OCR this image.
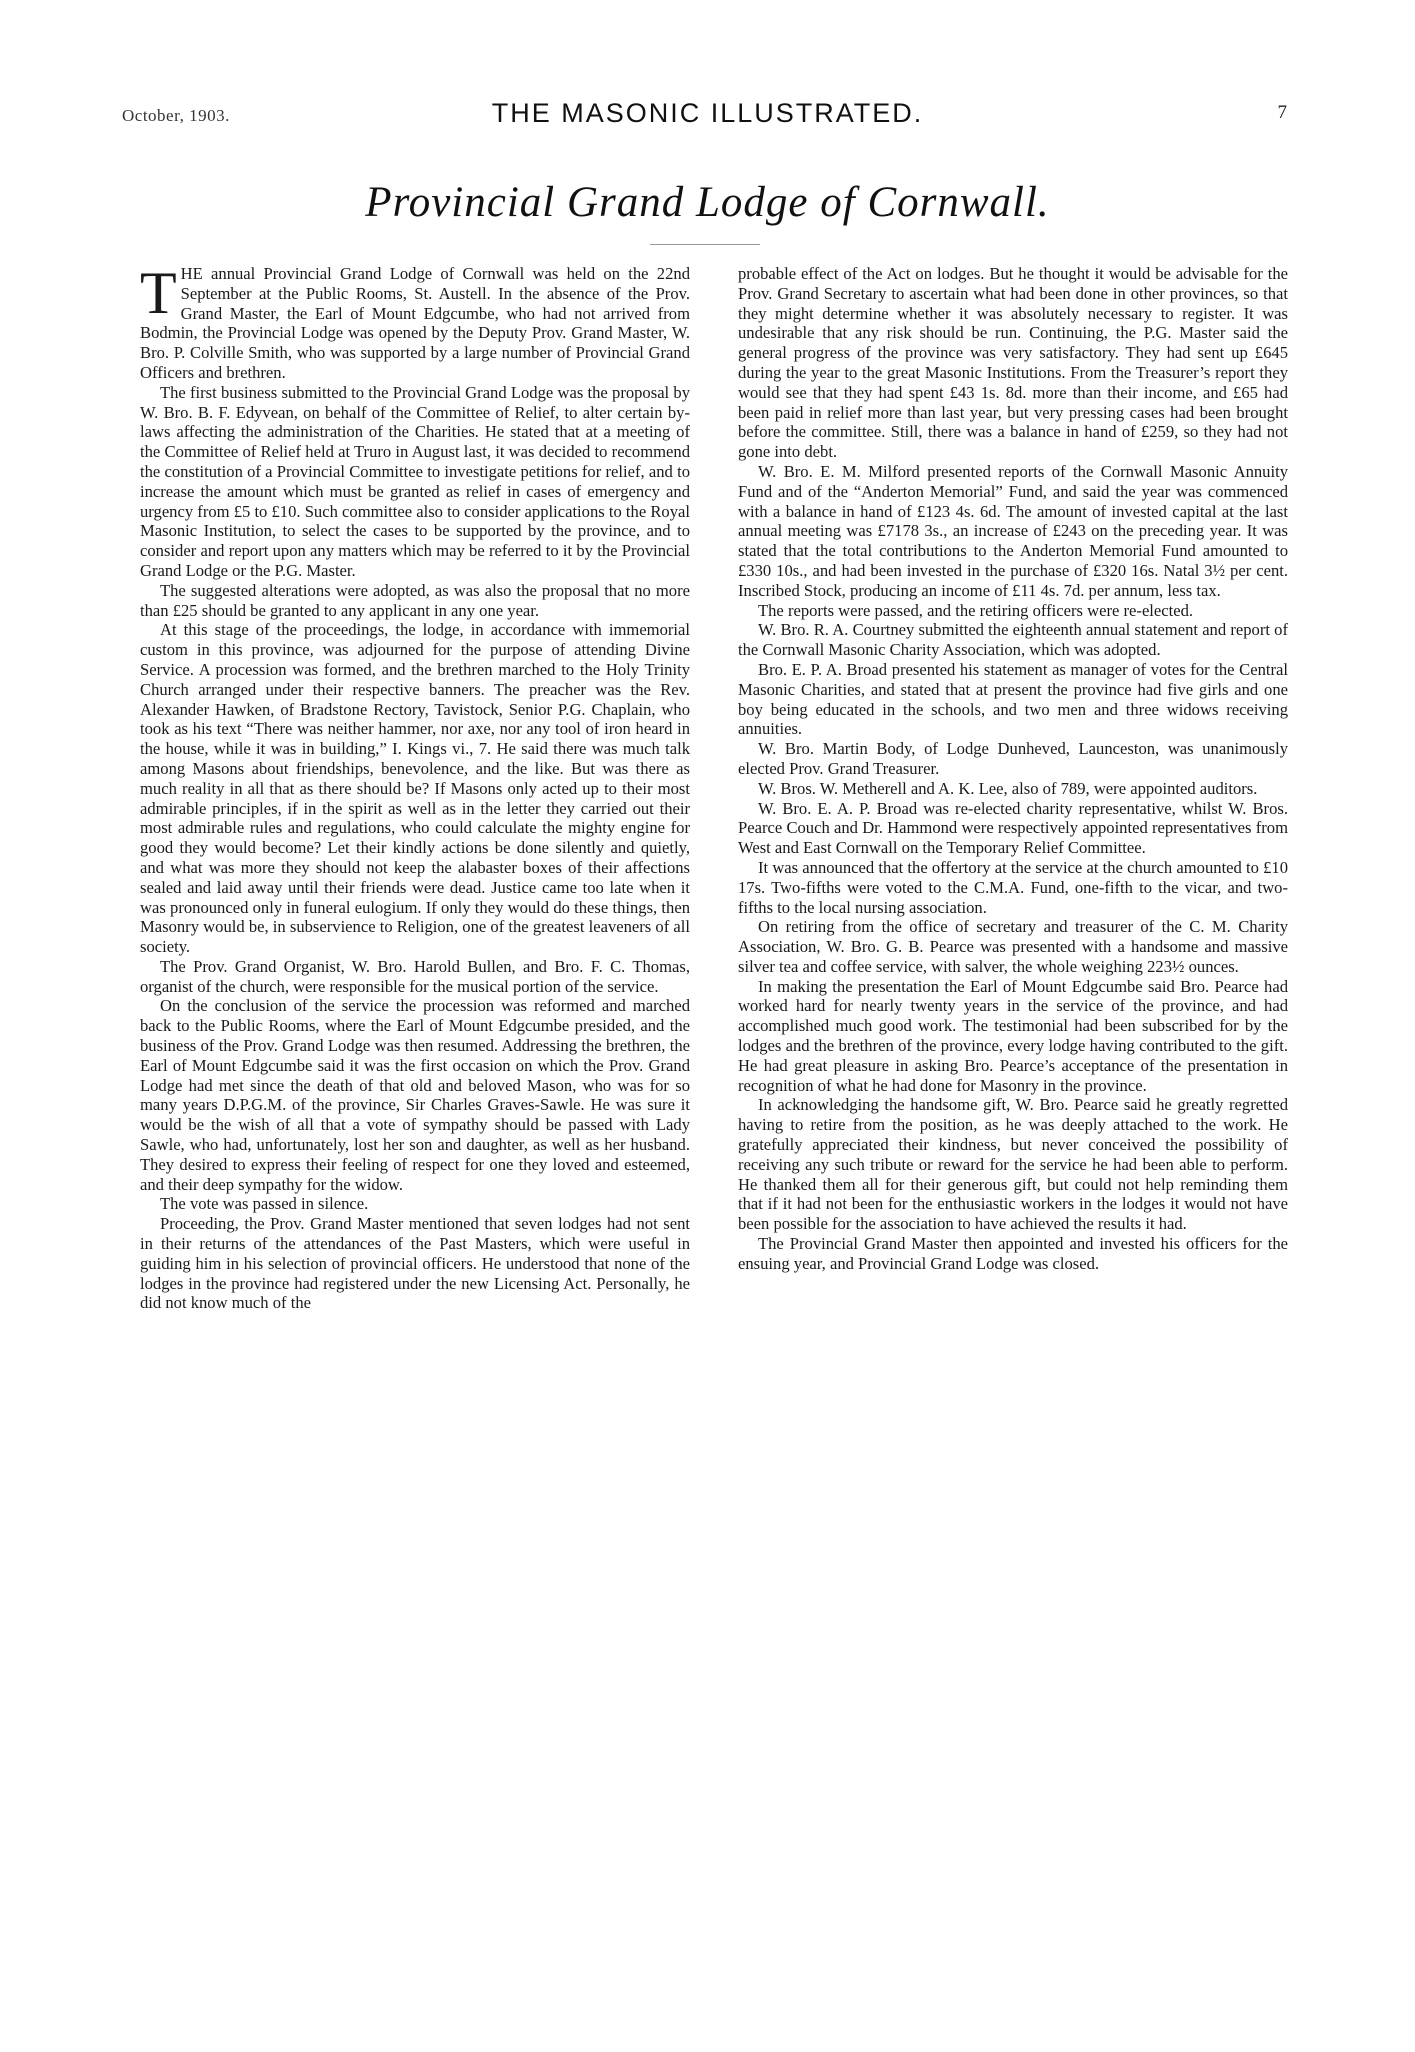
October, 1903.	THE MASONIC ILLUSTRATED.	7
Provincial Grand Lodge of Cornwall.

THE annual Provincial Grand Lodge of Cornwall was held on the 22nd September at the Public Rooms, St. Austell. In the absence of the Prov. Grand Master, the Earl of Mount Edgcumbe, who had not arrived from Bodmin, the Provincial Lodge was opened by the Deputy Prov. Grand Master, W. Bro. P. Colville Smith, who was supported by a large number of Provincial Grand Officers and brethren.

The first business submitted to the Provincial Grand Lodge was the proposal by W. Bro. B. F. Edyvean, on behalf of the Committee of Relief, to alter certain by-laws affecting the administration of the Charities. He stated that at a meeting of the Committee of Relief held at Truro in August last, it was decided to recommend the constitution of a Provincial Committee to investigate petitions for relief, and to increase the amount which must be granted as relief in cases of emergency and urgency from £5 to £10. Such committee also to consider applications to the Royal Masonic Institution, to select the cases to be supported by the province, and to consider and report upon any matters which may be referred to it by the Provincial Grand Lodge or the P.G. Master.

The suggested alterations were adopted, as was also the proposal that no more than £25 should be granted to any applicant in any one year.

At this stage of the proceedings, the lodge, in accordance with immemorial custom in this province, was adjourned for the purpose of attending Divine Service. A procession was formed, and the brethren marched to the Holy Trinity Church arranged under their respective banners. The preacher was the Rev. Alexander Hawken, of Bradstone Rectory, Tavistock, Senior P.G. Chaplain, who took as his text “There was neither hammer, nor axe, nor any tool of iron heard in the house, while it was in building,” I. Kings vi., 7. He said there was much talk among Masons about friendships, benevolence, and the like. But was there as much reality in all that as there should be? If Masons only acted up to their most admirable principles, if in the spirit as well as in the letter they carried out their most admirable rules and regulations, who could calculate the mighty engine for good they would become? Let their kindly actions be done silently and quietly, and what was more they should not keep the alabaster boxes of their affections sealed and laid away until their friends were dead. Justice came too late when it was pronounced only in funeral eulogium. If only they would do these things, then Masonry would be, in subservience to Religion, one of the greatest leaveners of all society.

The Prov. Grand Organist, W. Bro. Harold Bullen, and Bro. F. C. Thomas, organist of the church, were responsible for the musical portion of the service.

On the conclusion of the service the procession was reformed and marched back to the Public Rooms, where the Earl of Mount Edgcumbe presided, and the business of the Prov. Grand Lodge was then resumed. Addressing the brethren, the Earl of Mount Edgcumbe said it was the first occasion on which the Prov. Grand Lodge had met since the death of that old and beloved Mason, who was for so many years D.P.G.M. of the province, Sir Charles Graves-Sawle. He was sure it would be the wish of all that a vote of sympathy should be passed with Lady Sawle, who had, unfortunately, lost her son and daughter, as well as her husband. They desired to express their feeling of respect for one they loved and esteemed, and their deep sympathy for the widow.

The vote was passed in silence.

Proceeding, the Prov. Grand Master mentioned that seven lodges had not sent in their returns of the attendances of the Past Masters, which were useful in guiding him in his selection of provincial officers. He understood that none of the lodges in the province had registered under the new Licensing Act. Personally, he did not know much of the

probable effect of the Act on lodges. But he thought it would be advisable for the Prov. Grand Secretary to ascertain what had been done in other provinces, so that they might determine whether it was absolutely necessary to register. It was undesirable that any risk should be run. Continuing, the P.G. Master said the general progress of the province was very satisfactory. They had sent up £645 during the year to the great Masonic Institutions. From the Treasurer’s report they would see that they had spent £43 1s. 8d. more than their income, and £65 had been paid in relief more than last year, but very pressing cases had been brought before the committee. Still, there was a balance in hand of £259, so they had not gone into debt.

W. Bro. E. M. Milford presented reports of the Cornwall Masonic Annuity Fund and of the “Anderton Memorial” Fund, and said the year was commenced with a balance in hand of £123 4s. 6d. The amount of invested capital at the last annual meeting was £7178 3s., an increase of £243 on the preceding year. It was stated that the total contributions to the Anderton Memorial Fund amounted to £330 10s., and had been invested in the purchase of £320 16s. Natal 3½ per cent. Inscribed Stock, producing an income of £11 4s. 7d. per annum, less tax.

The reports were passed, and the retiring officers were re-elected.

W. Bro. R. A. Courtney submitted the eighteenth annual statement and report of the Cornwall Masonic Charity Association, which was adopted.

Bro. E. P. A. Broad presented his statement as manager of votes for the Central Masonic Charities, and stated that at present the province had five girls and one boy being educated in the schools, and two men and three widows receiving annuities.

W. Bro. Martin Body, of Lodge Dunheved, Launceston, was unanimously elected Prov. Grand Treasurer.

W. Bros. W. Metherell and A. K. Lee, also of 789, were appointed auditors.

W. Bro. E. A. P. Broad was re-elected charity representative, whilst W. Bros. Pearce Couch and Dr. Hammond were respectively appointed representatives from West and East Cornwall on the Temporary Relief Committee.

It was announced that the offertory at the service at the church amounted to £10 17s. Two-fifths were voted to the C.M.A. Fund, one-fifth to the vicar, and two-fifths to the local nursing association.

On retiring from the office of secretary and treasurer of the C. M. Charity Association, W. Bro. G. B. Pearce was presented with a handsome and massive silver tea and coffee service, with salver, the whole weighing 223½ ounces.

In making the presentation the Earl of Mount Edgcumbe said Bro. Pearce had worked hard for nearly twenty years in the service of the province, and had accomplished much good work. The testimonial had been subscribed for by the lodges and the brethren of the province, every lodge having contributed to the gift. He had great pleasure in asking Bro. Pearce’s acceptance of the presentation in recognition of what he had done for Masonry in the province.

In acknowledging the handsome gift, W. Bro. Pearce said he greatly regretted having to retire from the position, as he was deeply attached to the work. He gratefully appreciated their kindness, but never conceived the possibility of receiving any such tribute or reward for the service he had been able to perform. He thanked them all for their generous gift, but could not help reminding them that if it had not been for the enthusiastic workers in the lodges it would not have been possible for the association to have achieved the results it had.

The Provincial Grand Master then appointed and invested his officers for the ensuing year, and Provincial Grand Lodge was closed.
